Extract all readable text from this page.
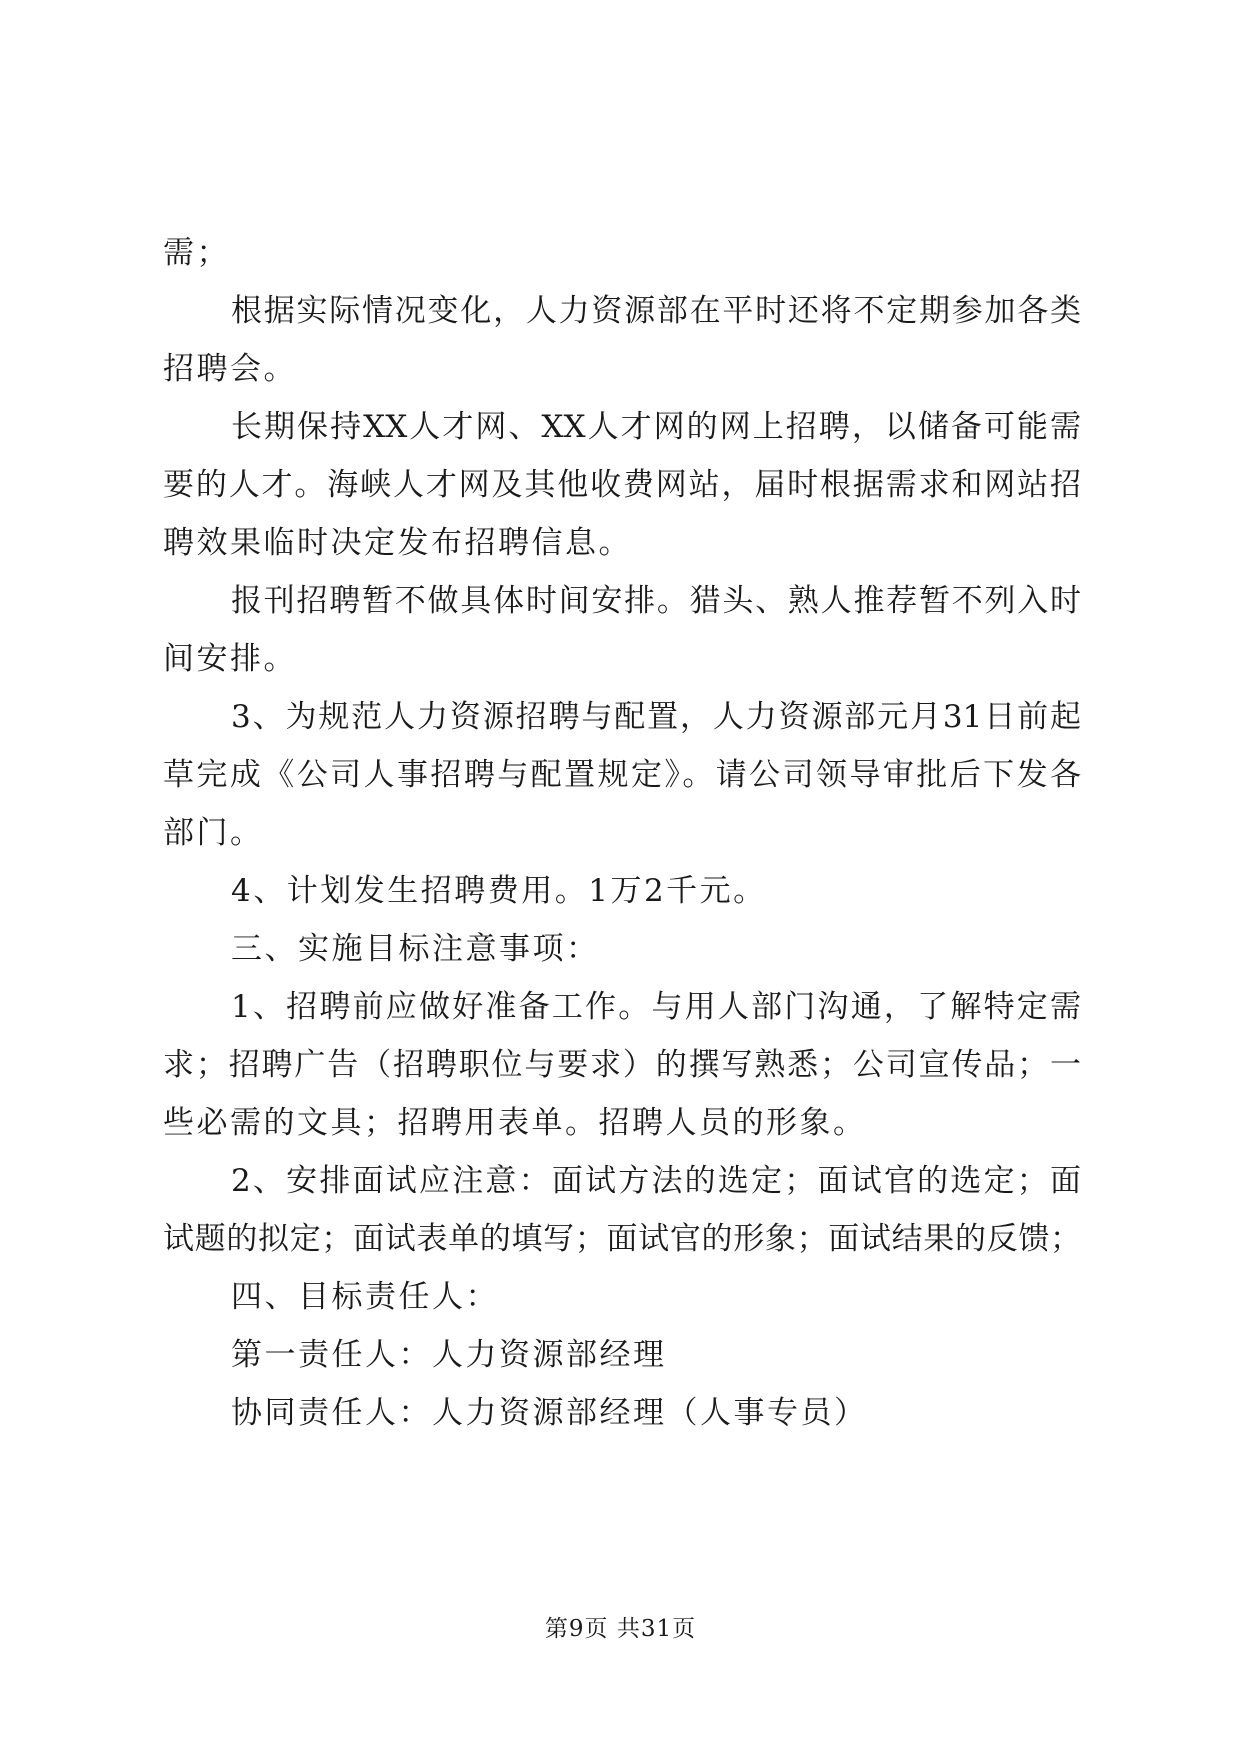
需；
根据实际情况变化，人力资源部在平时还将不定期参加各类
招聘会。
长期保持XX人才网、XX人才网的网上招聘，以储备可能需
要的人才。海峡人才网及其他收费网站，届时根据需求和网站招
聘效果临时决定发布招聘信息。
报刊招聘暂不做具体时间安排。猎头、熟人推荐暂不列入时
间安排。
3、为规范人力资源招聘与配置，人力资源部元月31日前起
草完成《公司人事招聘与配置规定》。请公司领导审批后下发各
部门。
4、计划发生招聘费用。1万2千元。
三、实施目标注意事项：
1、招聘前应做好准备工作。与用人部门沟通，了解特定需
求；招聘广告（招聘职位与要求）的撰写熟悉；公司宣传品；一
些必需的文具；招聘用表单。招聘人员的形象。
2、安排面试应注意：面试方法的选定；面试官的选定；面
试题的拟定；面试表单的填写；面试官的形象；面试结果的反馈；
四、目标责任人：
第一责任人：人力资源部经理
协同责任人：人力资源部经理（人事专员）
第9页 共31页
